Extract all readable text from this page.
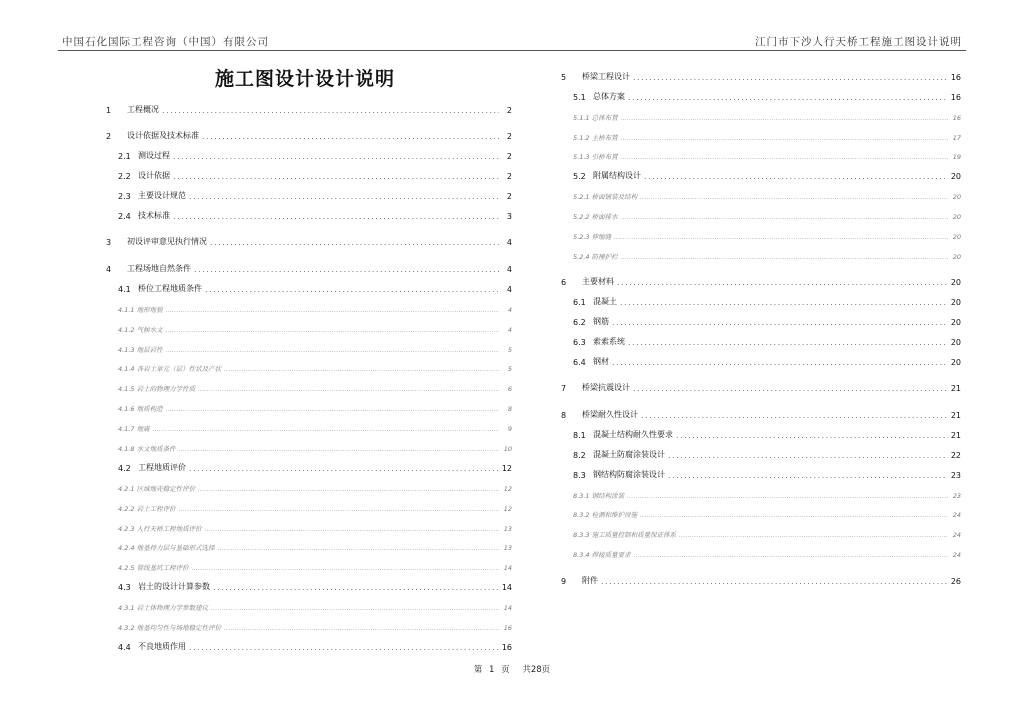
中国石化国际工程咨询（中国）有限公司	江门市下沙人行天桥工程施工图设计说明
施工图设计设计说明
1	工程概况 .....	2
2	设计依据及技术标准 .....	2
2.1 测设过程 .....	2
2.2 设计依据 .....	2
2.3 主要设计规范 .....	2
2.4 技术标准 .....	3
3	初设评审意见执行情况 .....	4
4	工程场地自然条件 .....	4
4.1 桥位工程地质条件 .....	4
4.1.1 地形地貌 .....	4
4.1.2 气候水文 .....	4
4.1.3 地层岩性 .....	5
4.1.4 各岩土单元（层）性状及产状 .....	5
4.1.5 岩土的物理力学性质 .....	6
4.1.6 地质构造 .....	8
4.1.7 地震 .....	9
4.1.8 水文地质条件 .....	10
4.2 工程地质评价 .....	12
4.2.1 区域地壳稳定性评价 .....	12
4.2.2 岩土工程评价 .....	12
4.2.3 人行天桥工程地质评价 .....	13
4.2.4 地基持力层与基础形式选择 .....	13
4.2.5 管线基坑工程评价 .....	14
4.3 岩土的设计计算参数 .....	14
4.3.1 岩土体物理力学参数建议 .....	14
4.3.2 地基均匀性与场地稳定性评价 .....	16
4.4 不良地质作用 .....	16
5	桥梁工程设计 .....	16
5.1 总体方案 .....	16
5.1.1 总体布置 .....	16
5.1.2 主桥布置 .....	17
5.1.3 引桥布置 .....	19
5.2 附属结构设计 .....	20
5.2.1 桥面铺装及结构 .....	20
5.2.2 桥面排水 .....	20
5.2.3 伸缩缝 .....	20
5.2.4 防撞护栏 .....	20
6	主要材料 .....	20
6.1 混凝土 .....	20
6.2 钢筋 .....	20
6.3 索索系统 .....	20
6.4 钢材 .....	20
7	桥梁抗震设计 .....	21
8	桥梁耐久性设计 .....	21
8.1 混凝土结构耐久性要求 .....	21
8.2 混凝土防腐涂装设计 .....	22
8.3 钢结构防腐涂装设计 .....	23
8.3.1 钢结构涂装 .....	23
8.3.2 检测和维护设施 .....	24
8.3.3 施工质量控制和质量保证体系 .....	24
8.3.4 焊接质量要求 .....	24
9	附件 .....	26
第 1 页 共28页
